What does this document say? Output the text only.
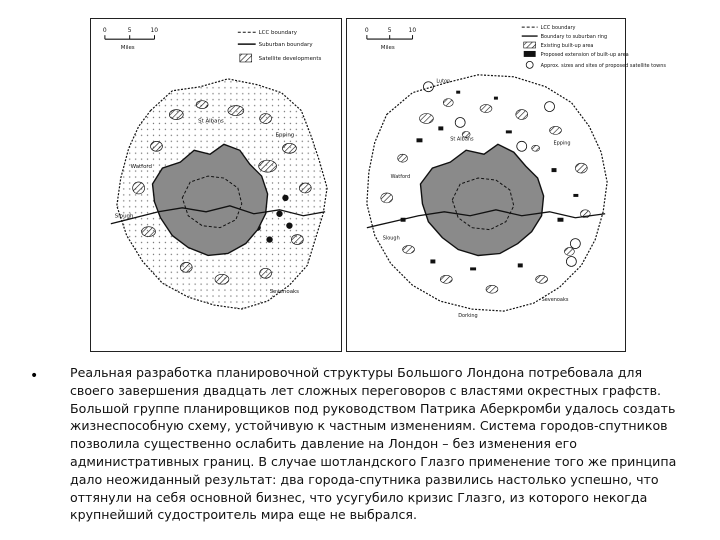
0	5	10
Miles
LCC boundary
Suburban boundary
Satellite developments
St Albans
Epping
Watford
Slough
Sevenoaks
0	5	10
Miles
LCC boundary
Boundary to suburban ring
Existing built-up area
Proposed extension of built-up area
Approx. sizes and sites of proposed satellite towns
Luton
St Albans
Epping
Watford
Slough
Sevenoaks
Dorking
•	Реальная разработка планировочной структуры Большого Лондона потребовала для своего завершения двадцать лет сложных переговоров с властями окрестных графств. Большой группе планировщиков под руководством Патрика Аберкромби удалось создать жизнеспособную схему, устойчивую к частным изменениям. Система городов-спутников позволила существенно ослабить давление на Лондон – без изменения его административных границ. В случае шотландского Глазго применение того же принципа дало неожиданный результат: два города-спутника развились настолько успешно, что оттянули на себя основной бизнес, что усугубило кризис Глазго, из которого некогда крупнейший судостроитель мира еще не выбрался.
